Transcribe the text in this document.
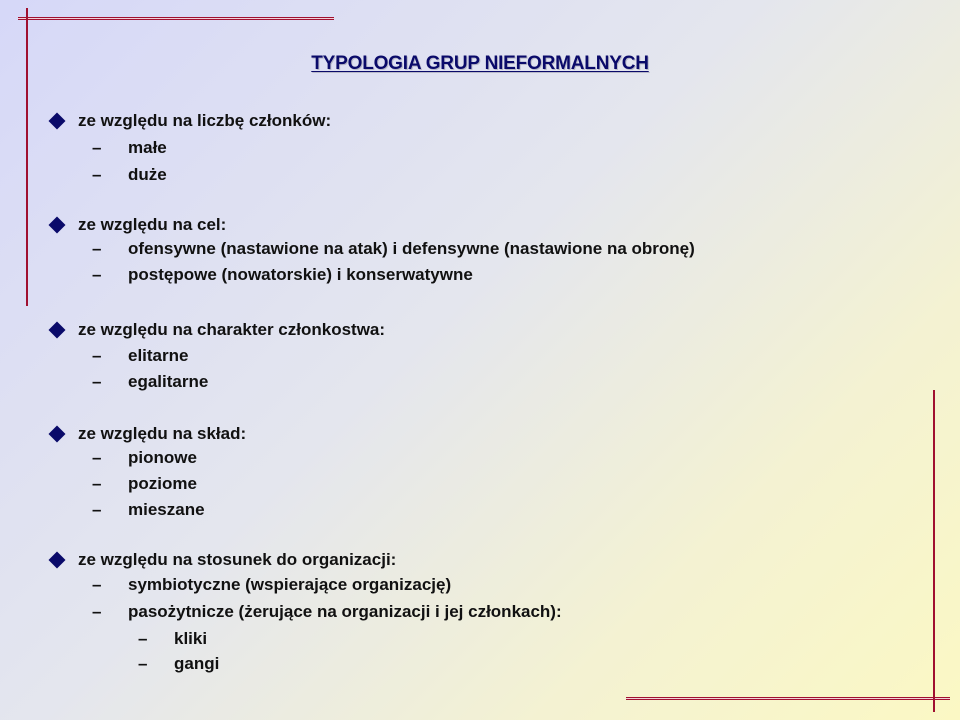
TYPOLOGIA GRUP NIEFORMALNYCH
ze względu na liczbę członków:
– małe
– duże
ze względu na cel:
– ofensywne (nastawione na atak) i defensywne (nastawione na obronę)
– postępowe (nowatorskie) i konserwatywne
ze względu na charakter członkostwa:
– elitarne
– egalitarne
ze względu na skład:
– pionowe
– poziome
– mieszane
ze względu na stosunek do organizacji:
– symbiotyczne (wspierające organizację)
– pasożytnicze (żerujące na organizacji i jej członkach):
– kliki
– gangi
